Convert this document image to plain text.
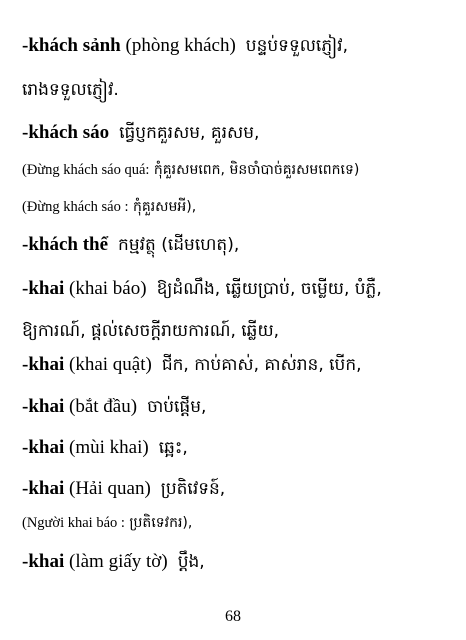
-khách sảnh (phòng khách) បន្ទប់ទទួលភ្ញៀវ,
រោងទទួលភ្ញៀវ.
-khách sáo ធ្វើប្ញកគួរសម, គួរសម,
(Đừng khách sáo quá: កុំគួរសមពេក, មិនចាំបាច់គួរសមពេកទេ)
(Đừng khách sáo : កុំគួរសមអី),
-khách thể កម្មវត្ថុ (ដើមហេតុ),
-khai (khai báo) ឱ្យដំណឹង, ឆ្លើយប្រាប់, ចម្លើយ, បំភ្លឺ,
ឱ្យការណ៍, ផ្តល់សេចក្តីរាយការណ៍, ឆ្លើយ,
-khai (khai quật) ជីក, កាប់គាស់, គាស់រាន, បើក,
-khai (bắt đầu) ចាប់ផ្តើម,
-khai (mùi khai) ឆ្អេះ,
-khai (Hải quan) ប្រតិវេទន៍,
(Người khai báo : ប្រតិទេវករ),
-khai (làm giấy tờ) ប្តឹង,
68
